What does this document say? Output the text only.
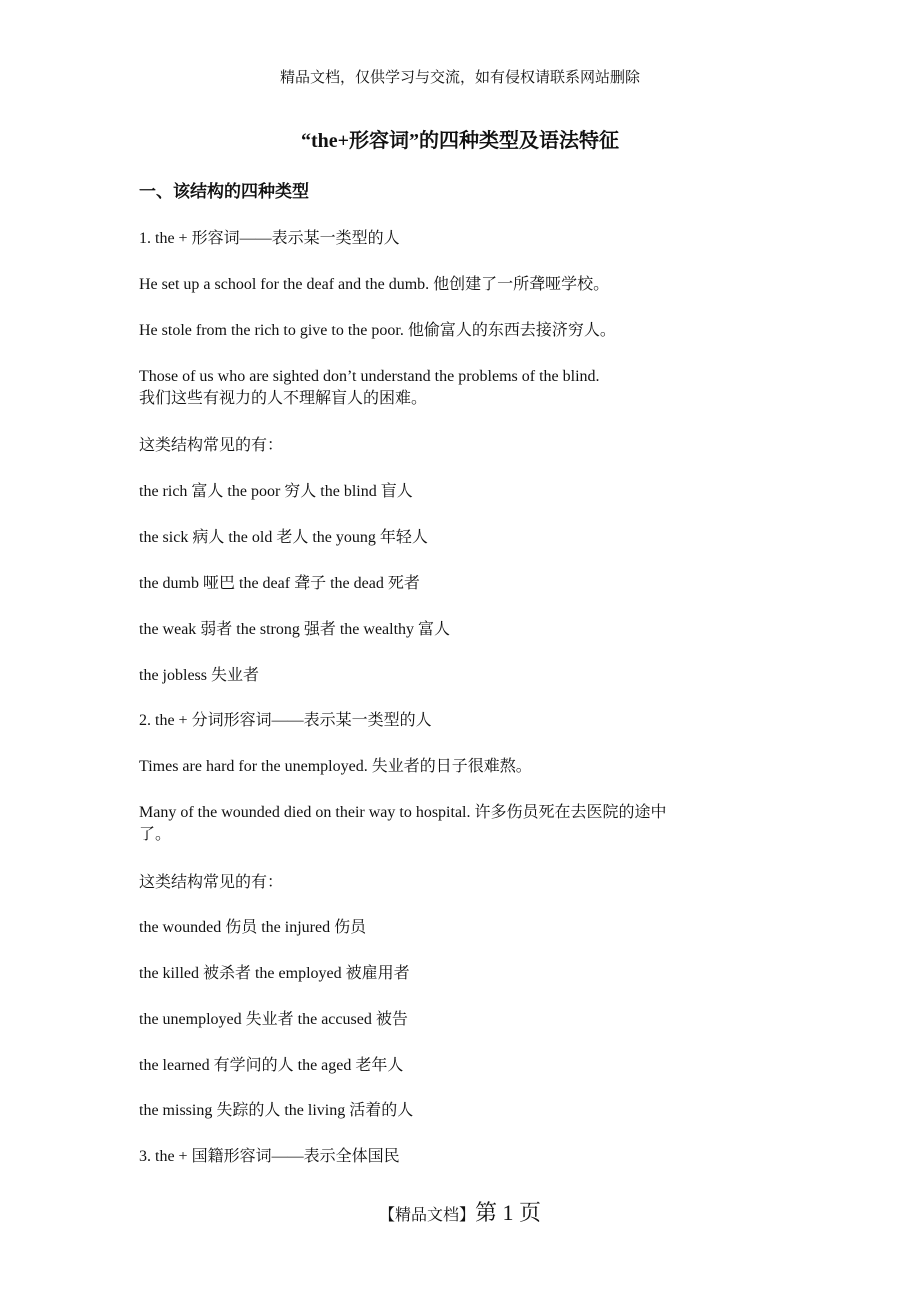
精品文档，仅供学习与交流，如有侵权请联系网站删除
“the+形容词”的四种类型及语法特征
一、该结构的四种类型
1. the + 形容词——表示某一类型的人
He set up a school for the deaf and the dumb. 他创建了一所聋哑学校。
He stole from the rich to give to the poor. 他偷富人的东西去接济穷人。
Those of us who are sighted don’t understand the problems of the blind.
我们这些有视力的人不理解盲人的困难。
这类结构常见的有：
the rich 富人 the poor 穷人 the blind 盲人
the sick 病人 the old 老人 the young 年轻人
the dumb 哑巴 the deaf 聋子 the dead 死者
the weak 弱者 the strong 强者 the wealthy 富人
the jobless 失业者
2. the + 分词形容词——表示某一类型的人
Times are hard for the unemployed. 失业者的日子很难熬。
Many of the wounded died on their way to hospital. 许多伤员死在去医院的途中
了。
这类结构常见的有：
the wounded 伤员 the injured 伤员
the killed 被杀者 the employed 被雇用者
the unemployed 失业者 the accused 被告
the learned 有学问的人 the aged 老年人
the missing 失踪的人 the living 活着的人
3. the + 国籍形容词——表示全体国民
【精品文档】第 1 页
